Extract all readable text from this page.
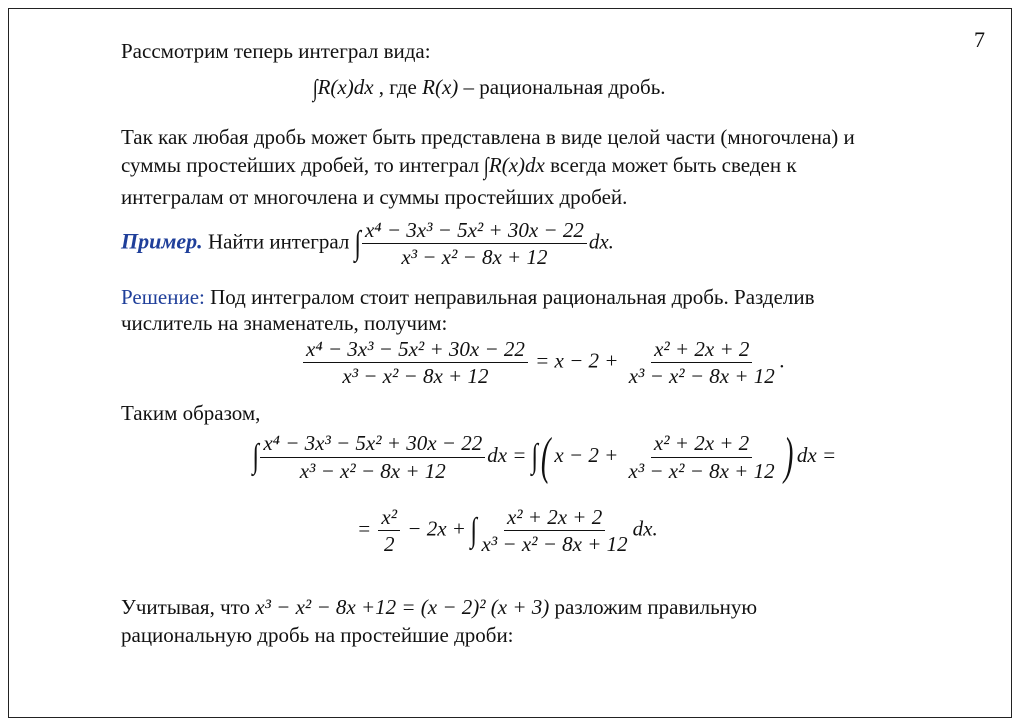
7
Рассмотрим теперь интеграл вида:
∫R(x)dx , где R(x) – рациональная дробь.
Так как любая дробь может быть представлена в виде целой части (многочлена) и
суммы простейших дробей, то интеграл ∫R(x)dx всегда может быть сведен к
интегралам от многочлена и суммы простейших дробей.
Пример. Найти интеграл ∫ $\frac{\text{x⁴ − 3x³ − 5x² + 30x − 22}}{\text{x³ − x² − 8x + 12}}$ dx.
Решение: Под интегралом стоит неправильная рациональная дробь. Разделив
числитель на знаменатель, получим:
$\frac{\text{x⁴ − 3x³ − 5x² + 30x − 22}}{\text{x³ − x² − 8x + 12}} = x - 2 + \frac{\text{x² + 2x + 2}}{\text{x³ − x² − 8x + 12}}$ .
Таким образом,
∫ $\frac{\text{x⁴ − 3x³ − 5x² + 30x − 22}}{\text{x³ − x² − 8x + 12}}$ dx = ∫( $x - 2 + \frac{\text{x² + 2x + 2}}{\text{x³ − x² − 8x + 12}}$ ) dx =
= $\frac{\text{x²}}{2} - 2x$ + ∫ $\frac{\text{x² + 2x + 2}}{\text{x³ − x² − 8x + 12}}$ dx.
Учитывая, что x³ − x² − 8x +12 = (x − 2)² (x + 3) разложим правильную
рациональную дробь на простейшие дроби:
